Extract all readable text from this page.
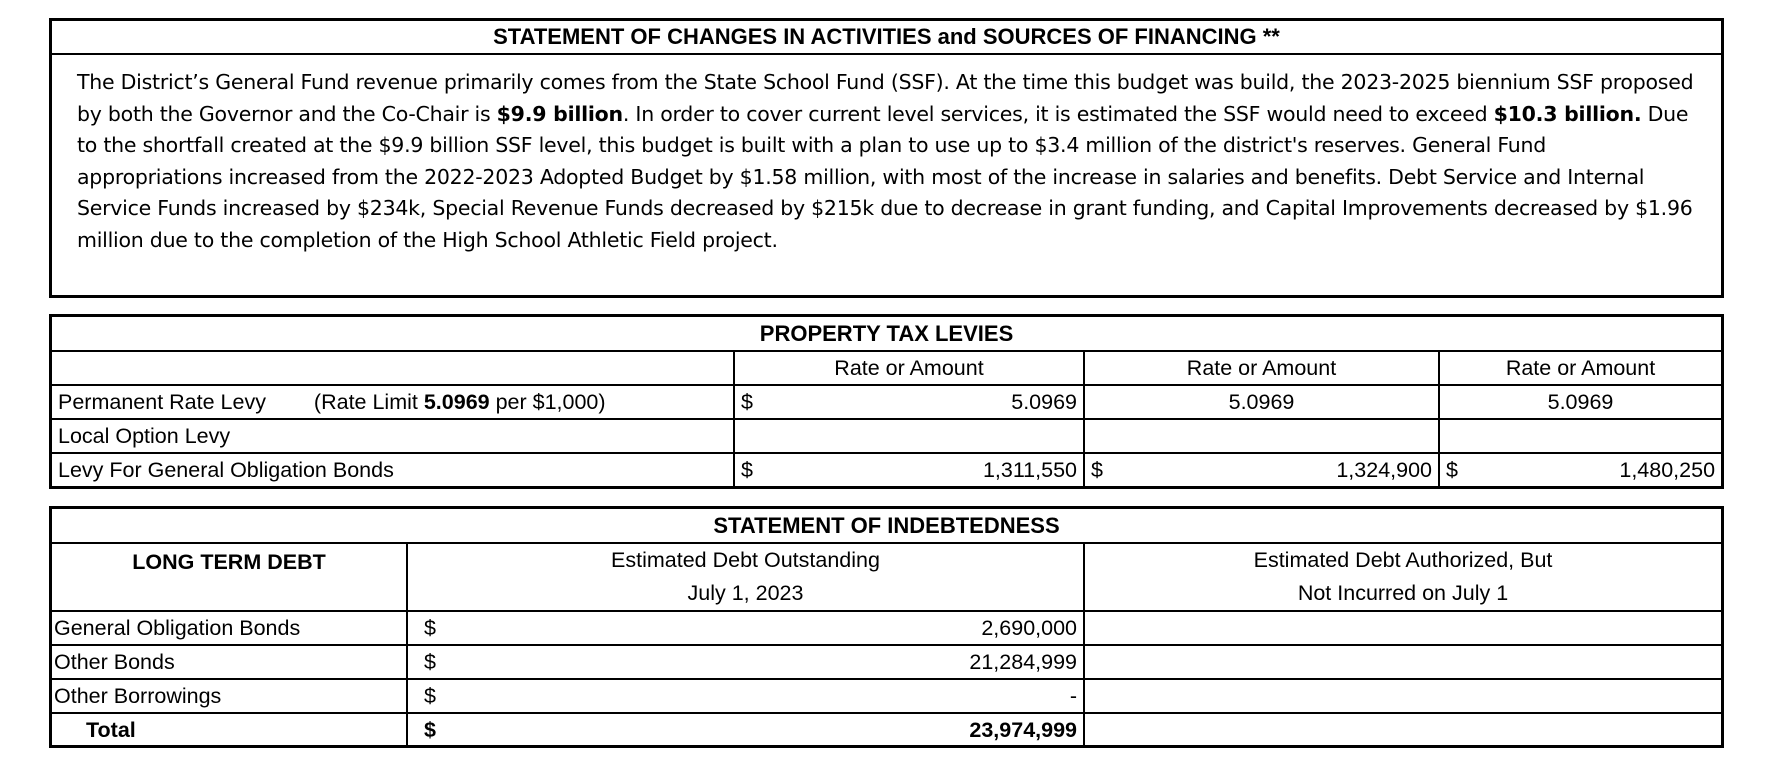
STATEMENT OF CHANGES IN ACTIVITIES and SOURCES OF FINANCING **
The District’s General Fund revenue primarily comes from the State School Fund (SSF). At the time this budget was build, the 2023-2025 biennium SSF proposed by both the Governor and the Co-Chair is $9.9 billion. In order to cover current level services, it is estimated the SSF would need to exceed $10.3 billion. Due to the shortfall created at the $9.9 billion SSF level, this budget is built with a plan to use up to $3.4 million of the district's reserves. General Fund appropriations increased from the 2022-2023 Adopted Budget by $1.58 million, with most of the increase in salaries and benefits. Debt Service and Internal Service Funds increased by $234k, Special Revenue Funds decreased by $215k due to decrease in grant funding, and Capital Improvements decreased by $1.96 million due to the completion of the High School Athletic Field project.
PROPERTY TAX LEVIES			
	Rate or Amount	Rate or Amount	Rate or Amount
Permanent Rate Levy (Rate Limit 5.0969 per $1,000)	$ 5.0969	5.0969	5.0969
Local Option Levy			
Levy For General Obligation Bonds	$ 1,311,550	$ 1,324,900	$ 1,480,250
STATEMENT OF INDEBTEDNESS		
LONG TERM DEBT	Estimated Debt Outstanding	Estimated Debt Authorized, But
	July 1, 2023	Not Incurred on July 1
General Obligation Bonds	$ 2,690,000	

Other Bonds	$ 21,284,999	

Other Borrowings	$ -	

Total	$ 23,974,999	
